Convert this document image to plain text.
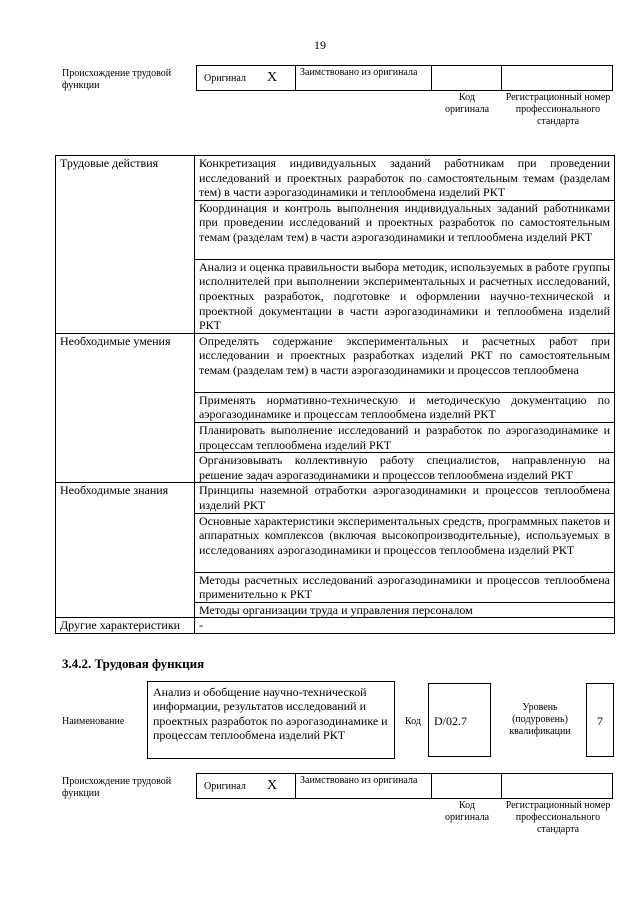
19
Происхождение трудовой функции
Оригинал X	Заимствовано из оригинала
Код оригинала
Регистрационный номер профессионального стандарта
Трудовые действия	Конкретизация индивидуальных заданий работникам при проведении исследований и проектных разработок по самостоятельным темам (разделам тем) в части аэрогазодинамики и теплообмена изделий РКТ
	Координация и контроль выполнения индивидуальных заданий работниками при проведении исследований и проектных разработок по самостоятельным темам (разделам тем) в части аэрогазодинамики и теплообмена изделий РКТ
	Анализ и оценка правильности выбора методик, используемых в работе группы исполнителей при выполнении экспериментальных и расчетных исследований, проектных разработок, подготовке и оформлении научно-технической и проектной документации в части аэрогазодинамики и теплообмена изделий РКТ
Необходимые умения	Определять содержание экспериментальных и расчетных работ при исследовании и проектных разработках изделий РКТ по самостоятельным темам (разделам тем) в части аэрогазодинамики и процессов теплообмена
	Применять нормативно-техническую и методическую документацию по аэрогазодинамике и процессам теплообмена изделий РКТ
	Планировать выполнение исследований и разработок по аэрогазодинамике и процессам теплообмена изделий РКТ
	Организовывать коллективную работу специалистов, направленную на решение задач аэрогазодинамики и процессов теплообмена изделий РКТ
Необходимые знания	Принципы наземной отработки аэрогазодинамики и процессов теплообмена изделий РКТ
	Основные характеристики экспериментальных средств, программных пакетов и аппаратных комплексов (включая высокопроизводительные), используемых в исследованиях аэрогазодинамики и процессов теплообмена изделий РКТ
	Методы расчетных исследований аэрогазодинамики и процессов теплообмена применительно к РКТ
	Методы организации труда и управления персоналом
Другие характеристики	-
3.4.2. Трудовая функция
Наименование
Анализ и обобщение научно-технической информации, результатов исследований и проектных разработок по аэрогазодинамике и процессам теплообмена изделий РКТ
Код	D/02.7
Уровень (подуровень) квалификации
7
Происхождение трудовой функции
Оригинал X	Заимствовано из оригинала
Код оригинала
Регистрационный номер профессионального стандарта
